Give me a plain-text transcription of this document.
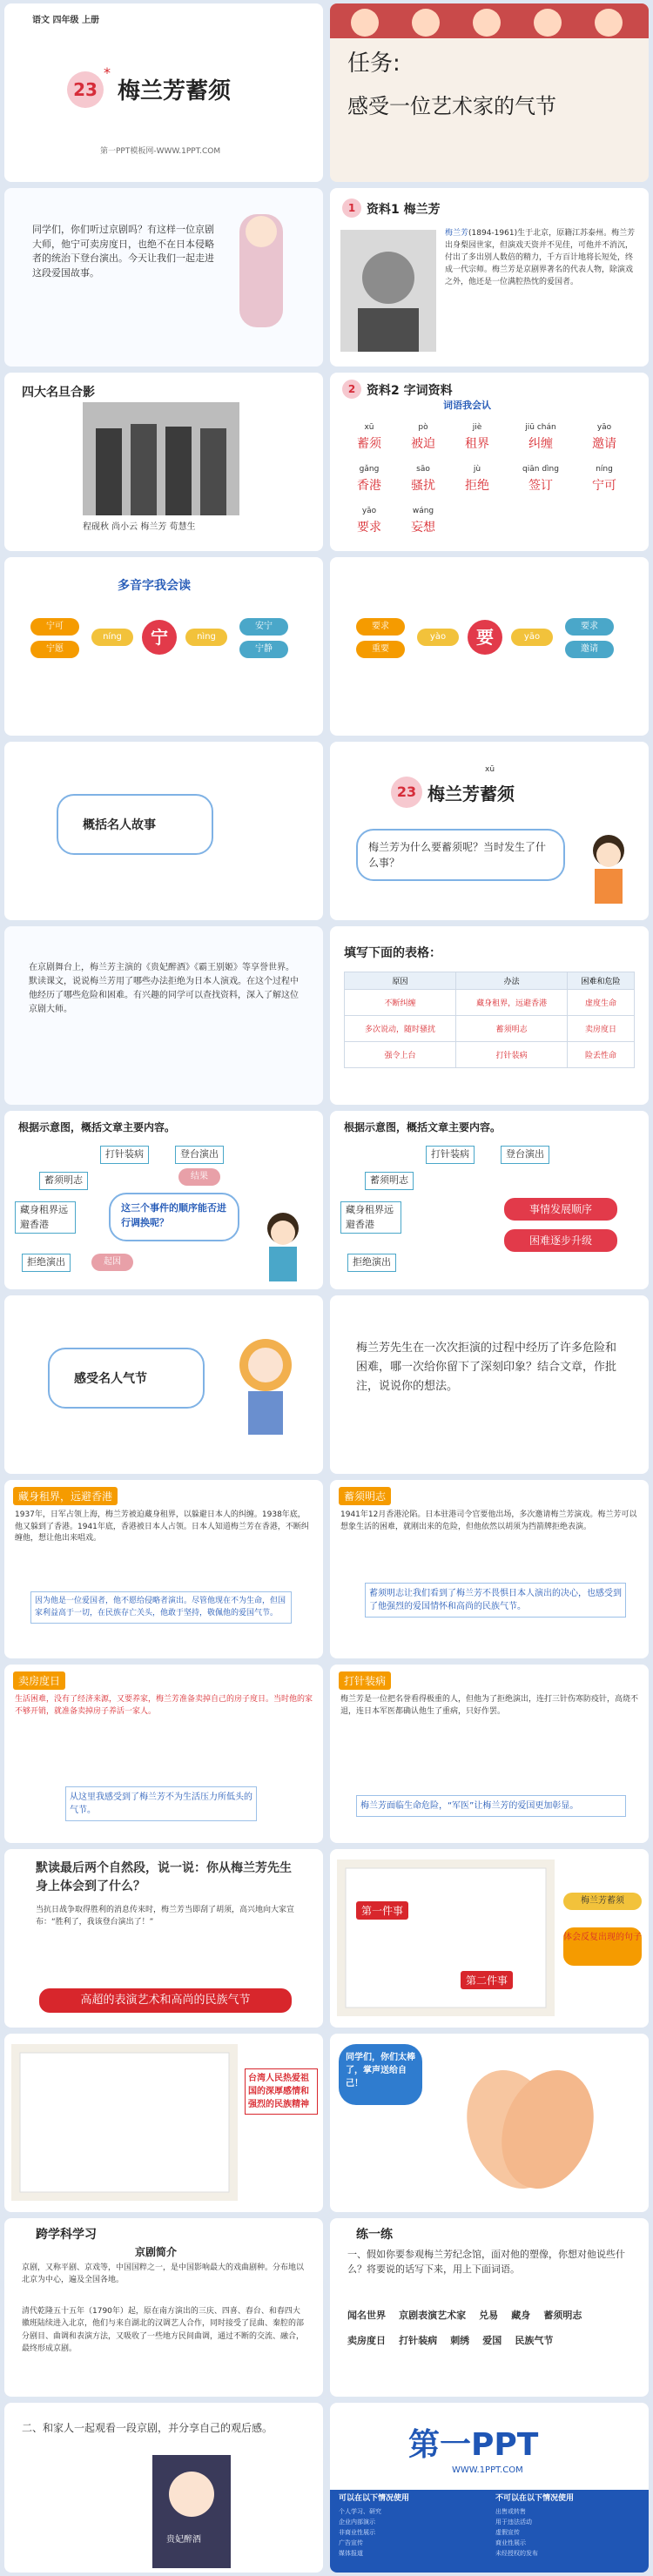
语文 四年级 上册
23
*
梅兰芳蓄须
第一PPT模板网-WWW.1PPT.COM
任务:
感受一位艺术家的气节
同学们，你们听过京剧吗？有这样一位京剧大师，他宁可卖房度日，也绝不在日本侵略者的统治下登台演出。今天让我们一起走进这段爱国故事。
1 资料1 梅兰芳
梅兰芳(1894-1961)生于北京，原籍江苏泰州。梅兰芳出身梨园世家，但演戏天资并不见佳，可他并不消沉，付出了多出别人数倍的精力，千方百计地将长短处，终成一代宗师。梅兰芳是京剧界著名的代表人物，除演戏之外，他还是一位满腔热忱的爱国者。
四大名旦合影
程砚秋 尚小云 梅兰芳 荀慧生
2 资料2 字词资料
词语我会认
xū	pò	jiè	jiū chán	yāo
蓄须 被迫 租界	纠缠	邀请
gǎng	sāo	jù	qiān dìng	níng
香港 骚扰 拒绝	签订	宁可
yāo	wáng
要求 妄想
多音字我会读
宁可
宁愿
níng	宁	nìng
安宁
宁静
要求
重要
yào	要	yāo
要求
邀请
概括名人故事
23
xū
梅兰芳蓄须
梅兰芳为什么要蓄须呢？当时发生了什么事？
在京剧舞台上，梅兰芳主演的《贵妃醉酒》《霸王别姬》等享誉世界。默读课文，说说梅兰芳用了哪些办法拒绝为日本人演戏。在这个过程中他经历了哪些危险和困难。有兴趣的同学可以查找资料，深入了解这位京剧大师。
填写下面的表格：
原因	办法	困难和危险
不断纠缠	藏身租界，远避香港	虚度生命
多次说动，随时骚扰	蓄须明志	卖房度日
强令上台	打针装病	险丢性命
根据示意图，概括文章主要内容。
打针装病	登台演出
蓄须明志
藏身租界远避香港
拒绝演出
结果
起因
这三个事件的顺序能否进行调换呢？
根据示意图，概括文章主要内容。
打针装病	登台演出
蓄须明志
藏身租界远避香港
拒绝演出
事情发展顺序
困难逐步升级
感受名人气节
梅兰芳先生在一次次拒演的过程中经历了许多危险和困难，哪一次给你留下了深刻印象？结合文章，作批注，说说你的想法。
藏身租界，远避香港
1937年，日军占领上海，梅兰芳被迫藏身租界，以躲避日本人的纠缠。1938年底，他又躲到了香港。1941年底，香港被日本人占领。日本人知道梅兰芳在香港，不断纠缠他，想让他出来唱戏。
因为他是一位爱国者，他不愿给侵略者演出。尽管他现在不为生命，但国家利益高于一切，在民族存亡关头，他敢于坚持，敬佩他的爱国气节。
蓄须明志
1941年12月香港沦陷。日本驻港司令官要他出场，多次邀请梅兰芳演戏。梅兰芳可以想象生活的困难，就刚出来的危险，但他依然以胡须为挡箭牌拒绝表演。
蓄须明志让我们看到了梅兰芳不畏惧日本人演出的决心，也感受到了他强烈的爱国情怀和高尚的民族气节。
卖房度日
生活困难，没有了经济来源，又要养家，梅兰芳准备卖掉自己的房子度日。当时他的家不够开销，就准备卖掉房子养活一家人。
从这里我感受到了梅兰芳不为生活压力所低头的气节。
打针装病
梅兰芳是一位把名誉看得极重的人，但他为了拒绝演出，连打三针伤寒防疫针，高烧不退，连日本军医都确认他生了重病，只好作罢。
梅兰芳面临生命危险，“军医”让梅兰芳的爱国更加彰显。
默读最后两个自然段，说一说：你从梅兰芳先生身上体会到了什么？
当抗日战争取得胜利的消息传来时，梅兰芳当即刮了胡须，高兴地向大家宣布：“胜利了，我该登台演出了！”
高超的表演艺术和高尚的民族气节
第一件事
第二件事
梅兰芳蓄须
体会反复出现的句子
台湾人民热爱祖国的深厚感情和强烈的民族精神
同学们，你们太棒了，掌声送给自己！
跨学科学习
京剧简介
京剧，又称平剧、京戏等，中国国粹之一，是中国影响最大的戏曲剧种。分布地以北京为中心，遍及全国各地。
清代乾隆五十五年（1790年）起，原在南方演出的三庆、四喜、春台、和春四大徽班陆续进入北京，他们与来自湖北的汉调艺人合作，同时接受了昆曲、秦腔的部分剧目、曲调和表演方法，又吸收了一些地方民间曲调，通过不断的交流、融合，最终形成京剧。
练一练
一、假如你要参观梅兰芳纪念馆，面对他的塑像，你想对他说些什么？将要说的话写下来，用上下面词语。
闻名世界 京剧表演艺术家 兑易 藏身 蓄须明志 卖房度日 打针装病 刺绣 爱国 民族气节
二、和家人一起观看一段京剧，并分享自己的观后感。
贵妃醉酒
第一PPT
WWW.1PPT.COM
可以在以下情况使用	不可以在以下情况使用
个人学习、研究
企业内部演示
非商业性展示
广告宣传
媒体报道
出售或转售
用于违法活动
虚假宣传
商业性展示
未经授权的发布
